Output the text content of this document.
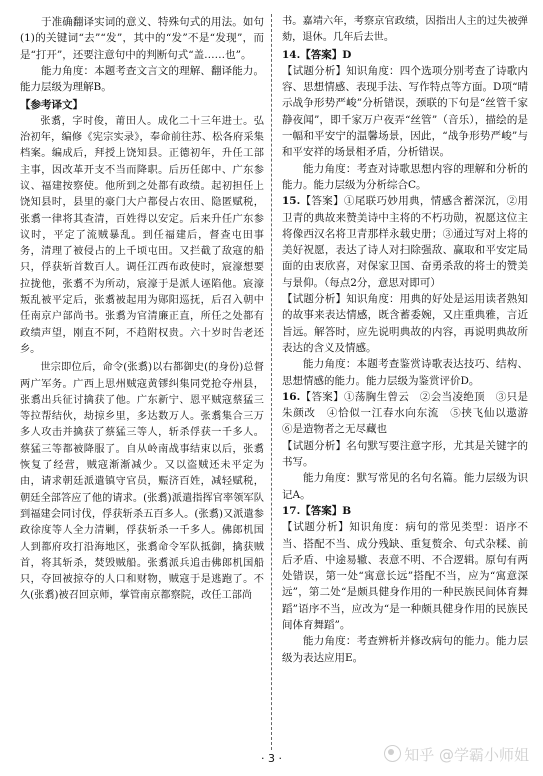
于准确翻译实词的意义、特殊句式的用法。如句(1)的关键词“去”“发”，其中的“发”不是“发现”，而是“打开”，还要注意句中的判断句式“盖……也”。

能力角度：本题考查文言文的理解、翻译能力。能力层级为理解B。

【参考译文】

张翥，字时俊，莆田人。成化二十三年进士。弘治初年，编修《宪宗实录》，奉命前往苏、松各府采集档案。编成后，拜授上饶知县。正德初年，升任工部主事，因改革开支不当而降职。后历任郎中、广东参议、福建按察使。他所到之处都有政绩。起初担任上饶知县时，县里的豪门大户都侵占农田、隐匿赋税，张翥一律将其查清，百姓得以安定。后来升任广东参议时，平定了流贼暴乱。到任福建后，督查屯田事务，清理了被侵占的上千顷屯田。又拦截了敌寇的船只，俘获斩首数百人。调任江西布政使时，宸濠想要拉拢他，张翥不为所动，宸濠于是派人诬陷他。宸濠叛乱被平定后，张翥被起用为郧阳巡抚，后召入朝中任南京户部尚书。张翥为官清廉正直，所任之处都有政绩声望，刚直不阿，不趋附权贵。六十岁时告老还乡。

世宗即位后，命令(张翥)以右都御史(的身份)总督两广军务。广西上思州贼寇黄镠纠集同党抢夺州县，张翥出兵征讨擒获了他。广东新宁、恩平贼寇蔡猛三等拉帮结伙，劫掠乡里，多达数万人。张翥集合三万多人攻击并擒获了蔡猛三等人，斩杀俘获一千多人。蔡猛三等都被降服了。自从岭南战事结束以后，张翥恢复了经营，贼寇渐渐减少。又以盗贼还未平定为由，请求朝廷派遣镇守官员，赈济百姓，减轻赋税，朝廷全部答应了他的请求。(张翥)派遣指挥官率领军队到福建会同讨伐，俘获斩杀五百多人。(张翥)又派遣参政徐度等人全力清剿，俘获斩杀一千多人。佛郎机国人到都府攻打沿海地区，张翥命令军队抵御，擒获贼首，将其斩杀，焚毁贼船。张翥派兵追击佛郎机国船只，夺回被掠夺的人口和财物，贼寇于是逃跑了。不久(张翥)被召回京师，掌管南京都察院，改任工部尚

书。嘉靖六年，考察京官政绩，因指出人主的过失被弹劾，退休。几年后去世。

14.【答案】D

【试题分析】知识角度：四个选项分别考查了诗歌内容、思想情感、表现手法、写作特点等方面。D项“晴示战争形势严峻”分析错误，颈联的下句是“丝管千家静夜闻”，即千家万户夜弄“丝管”（音乐），描绘的是一幅和平安宁的温馨场景，因此，“战争形势严峻”与和平安祥的场景相矛盾，分析错误。

能力角度：考查对诗歌思想内容的理解和分析的能力。能力层级为分析综合C。

15.【答案】①尾联巧妙用典，情感含蓄深沉，②用卫青的典故来赞美诗中主将的不朽功勋，祝愿这位主将像西汉名将卫青那样永载史册；③通过写对上将的美好祝愿，表达了诗人对扫除强敌、赢取和平安定局面的由衷欣喜，对保家卫国、奋勇杀敌的将士的赞美与景仰。（每点2分，意思对即可）

【试题分析】知识角度：用典的好处是运用读者熟知的故事来表达情感，既含蓄委婉，又庄重典雅，言近旨远。解答时，应先说明典故的内容，再说明典故所表达的含义及情感。

能力角度：本题考查鉴赏诗歌表达技巧、结构、思想情感的能力。能力层级为鉴赏评价D。

16.【答案】①荡胸生曾云　②会当凌绝顶　③只是朱颜改　④恰似一江春水向东流　⑤挟飞仙以遨游　⑥是造物者之无尽藏也

【试题分析】名句默写要注意字形，尤其是关键字的书写。

能力角度：默写常见的名句名篇。能力层级为识记A。

17.【答案】B

【试题分析】知识角度：病句的常见类型：语序不当、搭配不当、成分残缺、重复赘余、句式杂糅、前后矛盾、中途易辙、表意不明、不合逻辑。原句有两处错误，第一处“寓意长远”搭配不当，应为“寓意深远”，第二处“是颇具健身作用的一种民族民间体育舞蹈”语序不当，应改为“是一种颇具健身作用的民族民间体育舞蹈”。

能力角度：考查辨析并修改病句的能力。能力层级为表达应用E。

· 3 ·	知乎 @学霸小师姐
